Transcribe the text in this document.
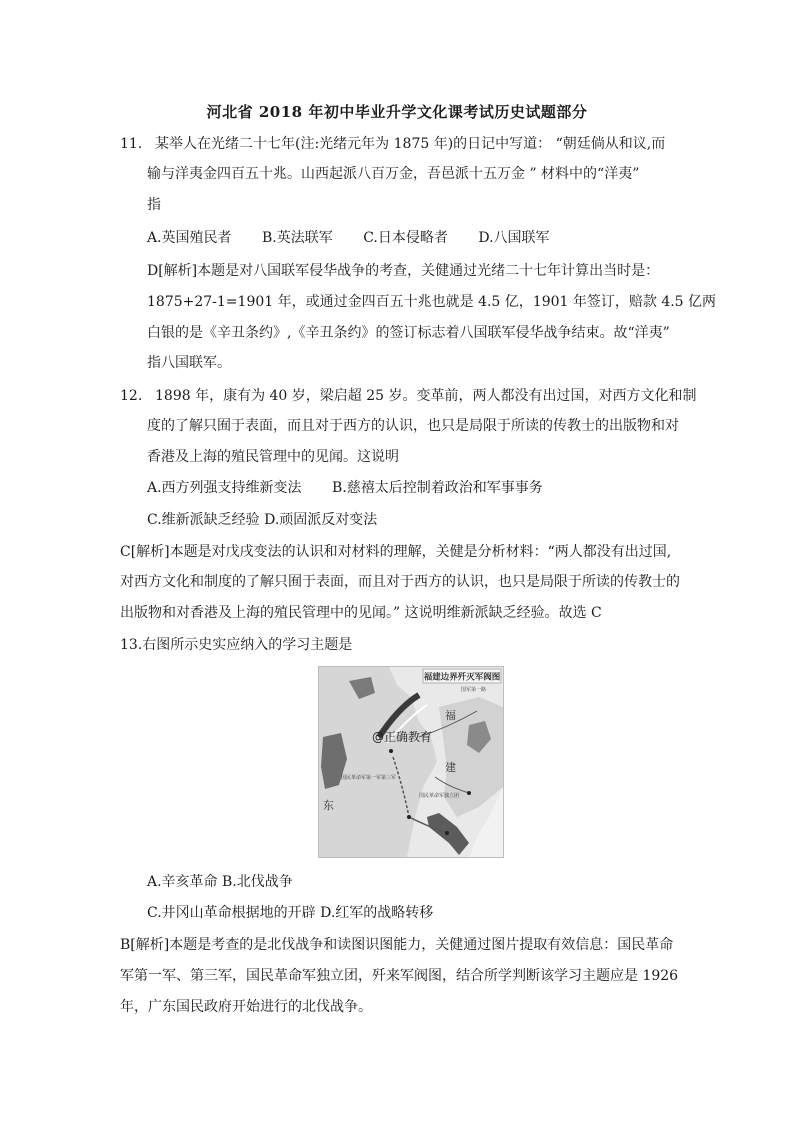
河北省 2018 年初中毕业升学文化课考试历史试题部分
11. 某举人在光绪二十七年(注:光绪元年为 1875 年)的日记中写道： “朝廷倘从和议,而
输与洋夷金四百五十兆。山西起派八百万金，吾邑派十五万金 ” 材料中的“洋夷”
指
A.英国殖民者 B.英法联军 C.日本侵略者 D.八国联军
D[解析]本题是对八国联军侵华战争的考查，关健通过光绪二十七年计算出当时是：
1875+27-1=1901 年，或通过金四百五十兆也就是 4.5 亿，1901 年签订，赔款 4.5 亿两
白银的是《辛丑条约》,《辛丑条约》的签订标志着八国联军侵华战争结束。故“洋夷”
指八国联军。
12. 1898 年，康有为 40 岁，梁启超 25 岁。变革前，两人都没有出过国，对西方文化和制
度的了解只囿于表面，而且对于西方的认识，也只是局限于所读的传教士的出版物和对
香港及上海的殖民管理中的见闻。这说明
A.西方列强支持维新变法 B.慈禧太后控制着政治和军事事务
C.维新派缺乏经验 D.顽固派反对变法
C[解析]本题是对戊戌变法的认识和对材料的理解，关健是分析材料：“两人都没有出过国,
对西方文化和制度的了解只囿于表面，而且对于西方的认识，也只是局限于所读的传教士的
出版物和对香港及上海的殖民管理中的见闻。” 这说明维新派缺乏经验。故选 C
13.右图所示史实应纳入的学习主题是
福建边界歼灭军阀图
福
建
东
国民革命军第一军第三军
国民革命军独立团
国军第一路
@正确教育
A.辛亥革命 B.北伐战争
C.井冈山革命根据地的开辟 D.红军的战略转移
B[解析]本题是考查的是北伐战争和读图识图能力，关健通过图片提取有效信息：国民革命
军第一军、第三军，国民革命军独立团，歼来军阀图，结合所学判断该学习主题应是 1926
年，广东国民政府开始进行的北伐战争。
